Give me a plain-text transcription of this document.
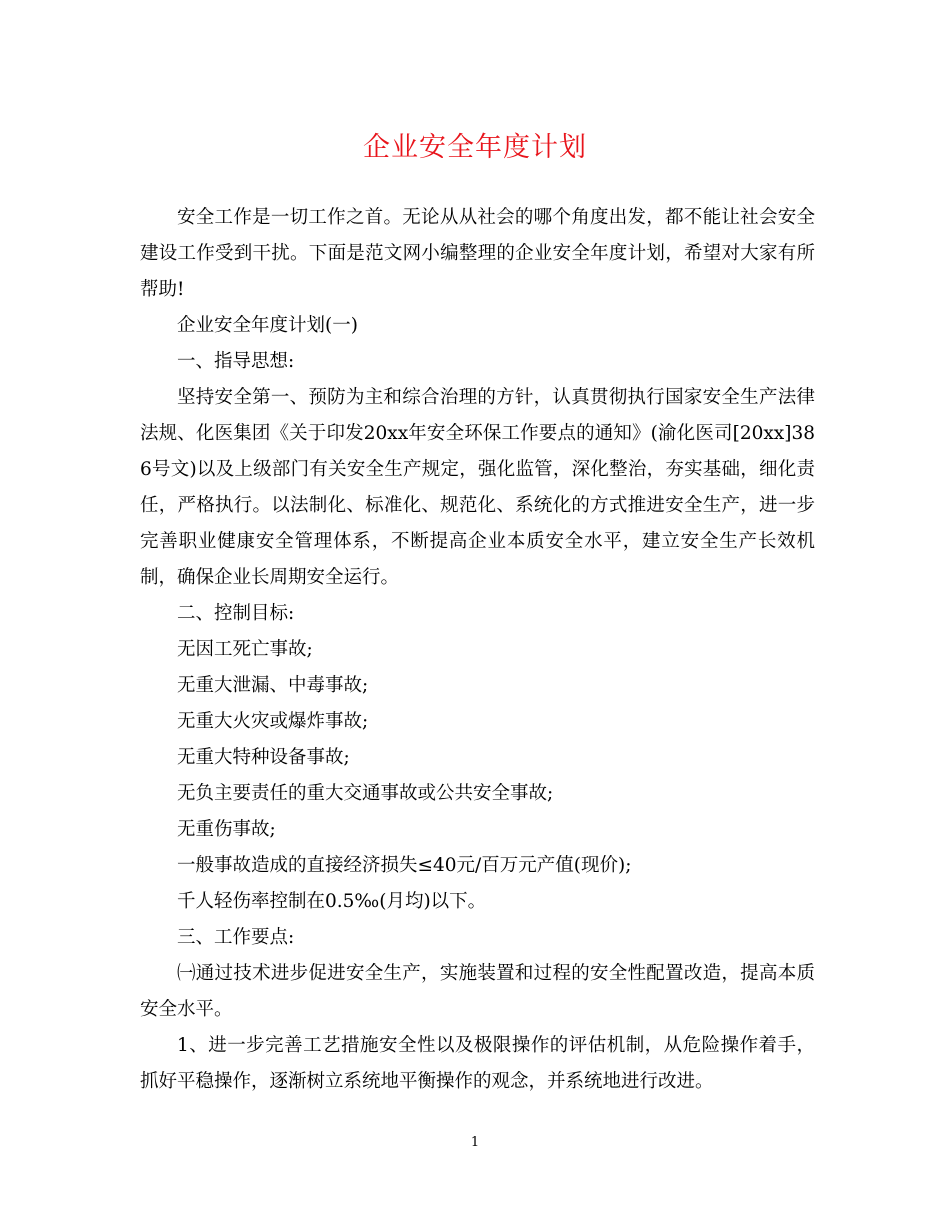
企业安全年度计划

安全工作是一切工作之首。无论从从社会的哪个角度出发，都不能让社会安全建设工作受到干扰。下面是范文网小编整理的企业安全年度计划，希望对大家有所帮助!

企业安全年度计划(一)

一、指导思想:

坚持安全第一、预防为主和综合治理的方针，认真贯彻执行国家安全生产法律法规、化医集团《关于印发20xx年安全环保工作要点的通知》(渝化医司[20xx]386号文)以及上级部门有关安全生产规定，强化监管，深化整治，夯实基础，细化责任，严格执行。以法制化、标准化、规范化、系统化的方式推进安全生产，进一步完善职业健康安全管理体系，不断提高企业本质安全水平，建立安全生产长效机制，确保企业长周期安全运行。

二、控制目标:

无因工死亡事故;

无重大泄漏、中毒事故;

无重大火灾或爆炸事故;

无重大特种设备事故;

无负主要责任的重大交通事故或公共安全事故;

无重伤事故;

一般事故造成的直接经济损失≤40元/百万元产值(现价);

千人轻伤率控制在0.5‰(月均)以下。

三、工作要点:

㈠通过技术进步促进安全生产，实施装置和过程的安全性配置改造，提高本质安全水平。

1、进一步完善工艺措施安全性以及极限操作的评估机制，从危险操作着手，抓好平稳操作，逐渐树立系统地平衡操作的观念，并系统地进行改进。

1
